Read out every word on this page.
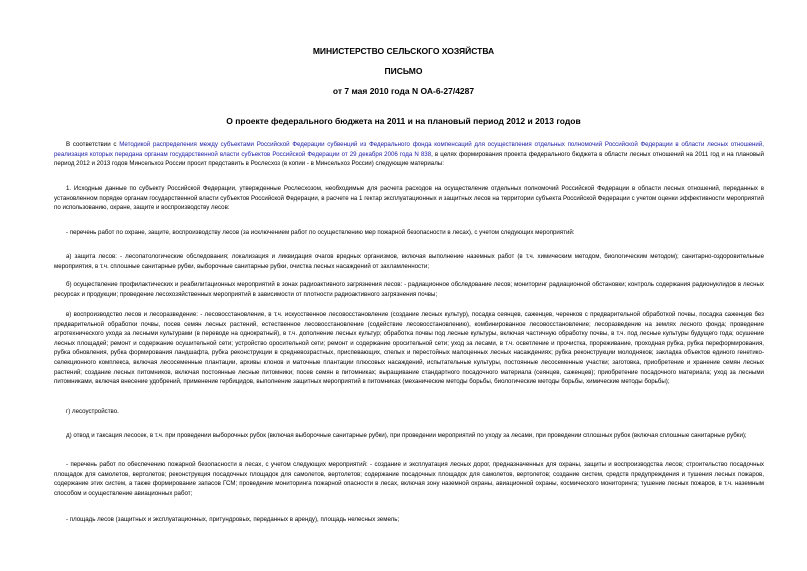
МИНИСТЕРСТВО СЕЛЬСКОГО ХОЗЯЙСТВА
ПИСЬМО
от 7 мая 2010 года N ОА-6-27/4287
О проекте федерального бюджета на 2011 и на плановый период 2012 и 2013 годов
В соответствии с Методикой распределения между субъектами Российской Федерации субвенций из Федерального фонда компенсаций для осуществления отдельных полномочий Российской Федерации в области лесных отношений, реализация которых передана органам государственной власти субъектов Российской Федерации от 29 декабря 2006 года N 838, в целях формирования проекта федерального бюджета в области лесных отношений на 2011 год и на плановый период 2012 и 2013 годов Минсельхоз России просит представить в Рослесхоз (в копии - в Минсельхоз России) следующие материалы:
1. Исходные данные по субъекту Российской Федерации, утвержденные Рослесхозом, необходимые для расчета расходов на осуществление отдельных полномочий Российской Федерации в области лесных отношений, переданных в установленном порядке органам государственной власти субъектов Российской Федерации, в расчете на 1 гектар эксплуатационных и защитных лесов на территории субъекта Российской Федерации с учетом оценки эффективности мероприятий по использованию, охране, защите и воспроизводству лесов:
- перечень работ по охране, защите, воспроизводству лесов (за исключением работ по осуществлению мер пожарной безопасности в лесах), с учетом следующих мероприятий:
а) защита лесов: - лесопатологические обследования; локализация и ликвидация очагов вредных организмов, включая выполнение наземных работ (в т.ч. химическим методом, биологическим методом); санитарно-оздоровительные мероприятия, в т.ч. сплошные санитарные рубки, выборочные санитарные рубки, очистка лесных насаждений от захламленности;
б) осуществление профилактических и реабилитационных мероприятий в зонах радиоактивного загрязнения лесов: - радиационное обследование лесов; мониторинг радиационной обстановки; контроль содержания радионуклидов в лесных ресурсах и продукции; проведение лесохозяйственных мероприятий в зависимости от плотности радиоактивного загрязнения почвы;
в) воспроизводство лесов и лесоразведение: - лесовосстановление, в т.ч. искусственное лесовосстановление (создание лесных культур), посадка сеянцев, саженцев, черенков с предварительной обработкой почвы, посадка саженцев без предварительной обработки почвы, посев семян лесных растений, естественное лесовосстановление (содействие лесовосстановлению), комбинированное лесовосстановление; лесоразведение на землях лесного фонда; проведение агротехнического ухода за лесными культурами (в переводе на однократный), в т.ч. дополнение лесных культур; обработка почвы под лесные культуры, включая частичную обработку почвы, в т.ч. под лесные культуры будущего года; осушение лесных площадей; ремонт и содержание осушительной сети; устройство оросительной сети; ремонт и содержание оросительной сети; уход за лесами, в т.ч. осветление и прочистка, прореживание, проходная рубка, рубка переформирования, рубка обновления, рубка формирования ландшафта, рубка реконструкции в средневозрастных, приспевающих, спелых и перестойных малоценных лесных насаждениях; рубка реконструкции молодняков; закладка объектов единого генетико-селекционного комплекса, включая лесосеменные плантации, архивы клонов и маточные плантации плюсовых насаждений, испытательные культуры, постоянные лесосеменные участки; заготовка, приобретение и хранение семян лесных растений; создание лесных питомников, включая постоянные лесные питомники; посев семян в питомниках; выращивание стандартного посадочного материала (сеянцев, саженцев); приобретение посадочного материала; уход за лесными питомниками, включая внесение удобрений, применение гербицидов, выполнение защитных мероприятий в питомниках (механические методы борьбы, биологические методы борьбы, химические методы борьбы);
г) лесоустройство.
д) отвод и таксация лесосек, в т.ч. при проведении выборочных рубок (включая выборочные санитарные рубки), при проведении мероприятий по уходу за лесами, при проведении сплошных рубок (включая сплошные санитарные рубки);
- перечень работ по обеспечению пожарной безопасности в лесах, с учетом следующих мероприятий: - создание и эксплуатация лесных дорог, предназначенных для охраны, защиты и воспроизводства лесов; строительство посадочных площадок для самолетов, вертолетов; реконструкция посадочных площадок для самолетов, вертолетов; содержание посадочных площадок для самолетов, вертолетов; создание систем, средств предупреждения и тушения лесных пожаров, содержание этих систем, а также формирование запасов ГСМ; проведение мониторинга пожарной опасности в лесах, включая зону наземной охраны, авиационной охраны, космического мониторинга; тушение лесных пожаров, в т.ч. наземным способом и осуществление авиационных работ;
- площадь лесов (защитных и эксплуатационных, притундровых, переданных в аренду), площадь нелесных земель;
